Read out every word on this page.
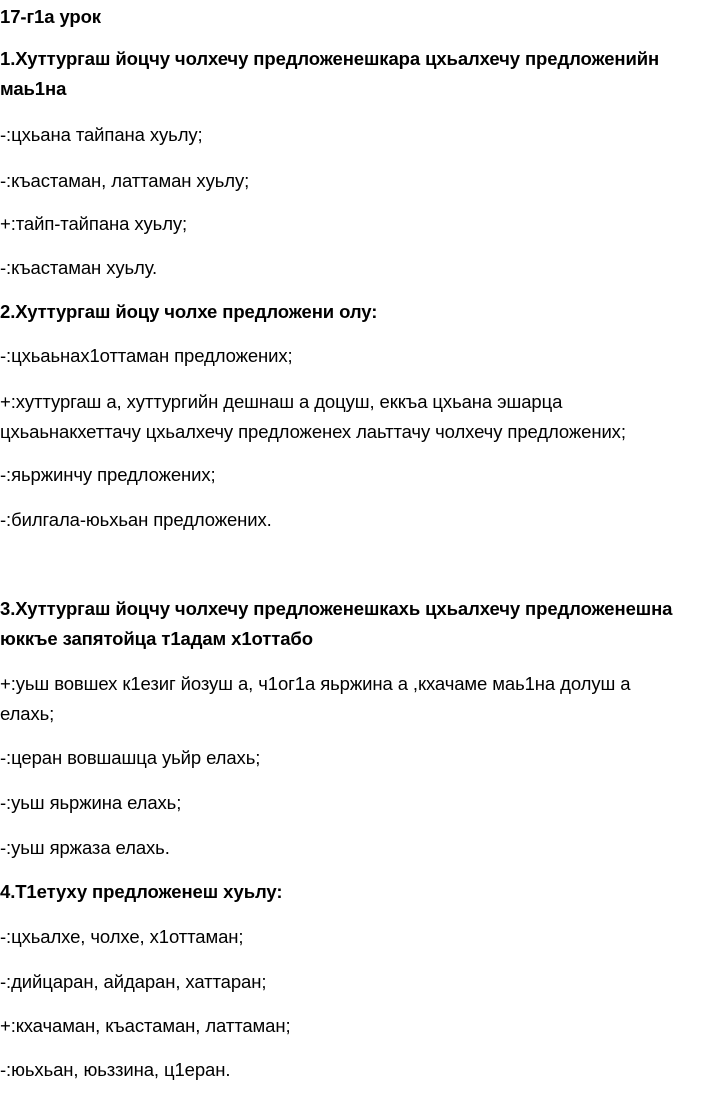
17-г1а урок
1.Хуттургаш йоцчу чолхечу предложенешкара цхьалхечу предложенийн
маь1на
-:цхьана тайпана хуьлу;
-:къастаман, латтаман хуьлу;
+:тайп-тайпана хуьлу;
-:къастаман хуьлу.
2.Хуттургаш йоцу чолхе предложени олу:
-:цхьаьнах1оттаман предложених;
+:хуттургаш а, хуттургийн дешнаш а доцуш, еккъа цхьана эшарца
цхьаьнакхеттачу цхьалхечу предложенех лаьттачу чолхечу предложених;
-:яьржинчу предложених;
-:билгала-юьхьан предложених.
3.Хуттургаш йоцчу чолхечу предложенешкахь цхьалхечу предложенешна
юккъе запятойца т1адам х1оттабо
+:уьш вовшех к1езиг йозуш а, ч1ог1а яьржина а ,кхачаме маь1на долуш а
елахь;
-:церан вовшашца уьйр елахь;
-:уьш яьржина елахь;
-:уьш яржаза елахь.
4.Т1етуху предложенеш хуьлу:
-:цхьалхе, чолхе, х1оттаман;
-:дийцаран, айдаран, хаттаран;
+:кхачаман, къастаман, латтаман;
-:юьхьан, юьззина, ц1еран.
